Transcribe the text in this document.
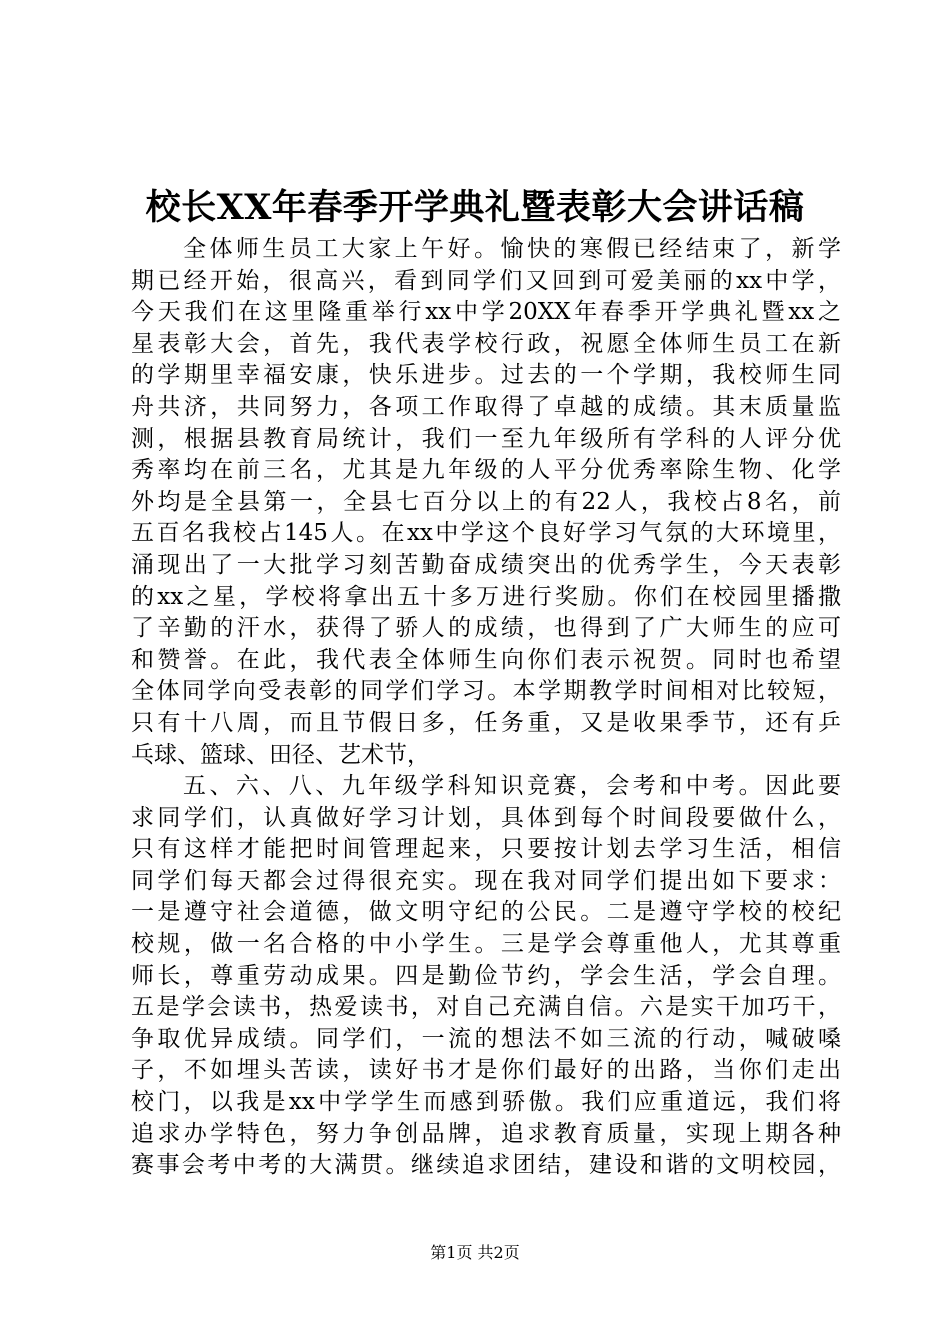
校长XX年春季开学典礼暨表彰大会讲话稿
全体师生员工大家上午好。愉快的寒假已经结束了，新学
期已经开始，很高兴，看到同学们又回到可爱美丽的xx中学，
今天我们在这里隆重举行xx中学20XX年春季开学典礼暨xx之
星表彰大会，首先，我代表学校行政，祝愿全体师生员工在新
的学期里幸福安康，快乐进步。过去的一个学期，我校师生同
舟共济，共同努力，各项工作取得了卓越的成绩。其末质量监
测，根据县教育局统计，我们一至九年级所有学科的人评分优
秀率均在前三名，尤其是九年级的人平分优秀率除生物、化学
外均是全县第一，全县七百分以上的有22人，我校占8名，前
五百名我校占145人。在xx中学这个良好学习气氛的大环境里，
涌现出了一大批学习刻苦勤奋成绩突出的优秀学生，今天表彰
的xx之星，学校将拿出五十多万进行奖励。你们在校园里播撒
了辛勤的汗水，获得了骄人的成绩，也得到了广大师生的应可
和赞誉。在此，我代表全体师生向你们表示祝贺。同时也希望
全体同学向受表彰的同学们学习。本学期教学时间相对比较短，
只有十八周，而且节假日多，任务重，又是收果季节，还有乒
乓球、篮球、田径、艺术节，
五、六、八、九年级学科知识竞赛，会考和中考。因此要
求同学们，认真做好学习计划，具体到每个时间段要做什么，
只有这样才能把时间管理起来，只要按计划去学习生活，相信
同学们每天都会过得很充实。现在我对同学们提出如下要求：
一是遵守社会道德，做文明守纪的公民。二是遵守学校的校纪
校规，做一名合格的中小学生。三是学会尊重他人，尤其尊重
师长，尊重劳动成果。四是勤俭节约，学会生活，学会自理。
五是学会读书，热爱读书，对自己充满自信。六是实干加巧干，
争取优异成绩。同学们，一流的想法不如三流的行动，喊破嗓
子，不如埋头苦读，读好书才是你们最好的出路，当你们走出
校门，以我是xx中学学生而感到骄傲。我们应重道远，我们将
追求办学特色，努力争创品牌，追求教育质量，实现上期各种
赛事会考中考的大满贯。继续追求团结，建设和谐的文明校园，
第1页 共2页
